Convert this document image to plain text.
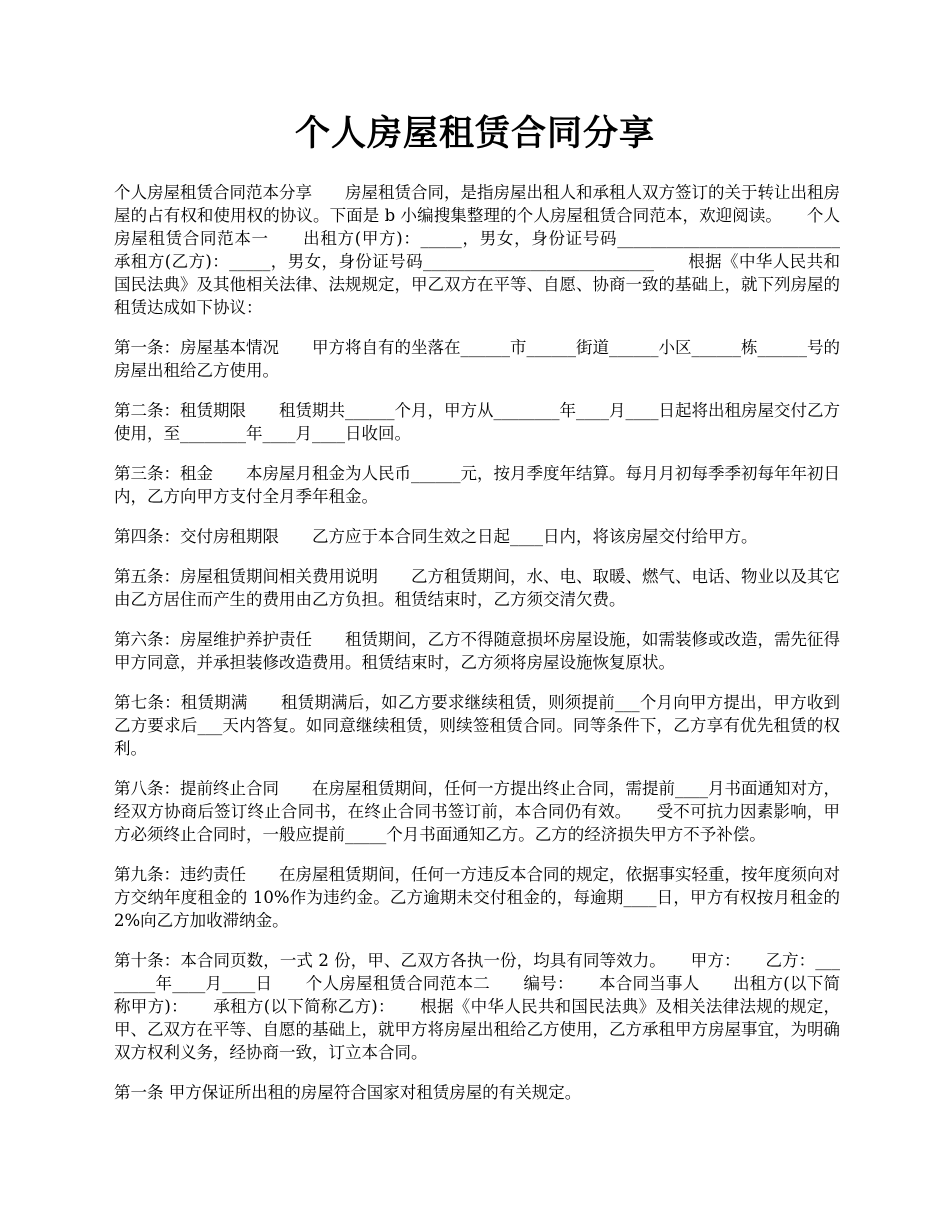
个人房屋租赁合同分享

个人房屋租赁合同范本分享　　房屋租赁合同，是指房屋出租人和承租人双方签订的关于转让出租房屋的占有权和使用权的协议。下面是 b 小编搜集整理的个人房屋租赁合同范本，欢迎阅读。　　个人房屋租赁合同范本一　　出租方(甲方)：_____，男女，身份证号码___________________________　　承租方(乙方)：_____，男女，身份证号码____________________________　　根据《中华人民共和国民法典》及其他相关法律、法规规定，甲乙双方在平等、自愿、协商一致的基础上，就下列房屋的租赁达成如下协议：

第一条：房屋基本情况　　甲方将自有的坐落在______市______街道______小区______栋______号的房屋出租给乙方使用。

第二条：租赁期限　　租赁期共______个月，甲方从________年____月____日起将出租房屋交付乙方使用，至________年____月____日收回。

第三条：租金　　本房屋月租金为人民币______元，按月季度年结算。每月月初每季季初每年年初日内，乙方向甲方支付全月季年租金。

第四条：交付房租期限　　乙方应于本合同生效之日起____日内，将该房屋交付给甲方。

第五条：房屋租赁期间相关费用说明　　乙方租赁期间，水、电、取暖、燃气、电话、物业以及其它由乙方居住而产生的费用由乙方负担。租赁结束时，乙方须交清欠费。

第六条：房屋维护养护责任　　租赁期间，乙方不得随意损坏房屋设施，如需装修或改造，需先征得甲方同意，并承担装修改造费用。租赁结束时，乙方须将房屋设施恢复原状。

第七条：租赁期满　　租赁期满后，如乙方要求继续租赁，则须提前___个月向甲方提出，甲方收到乙方要求后___天内答复。如同意继续租赁，则续签租赁合同。同等条件下，乙方享有优先租赁的权利。

第八条：提前终止合同　　在房屋租赁期间，任何一方提出终止合同，需提前____月书面通知对方，经双方协商后签订终止合同书，在终止合同书签订前，本合同仍有效。　　受不可抗力因素影响，甲方必须终止合同时，一般应提前_____个月书面通知乙方。乙方的经济损失甲方不予补偿。

第九条：违约责任　　在房屋租赁期间，任何一方违反本合同的规定，依据事实轻重，按年度须向对方交纳年度租金的 10%作为违约金。乙方逾期未交付租金的，每逾期____日，甲方有权按月租金的 2%向乙方加收滞纳金。

第十条：本合同页数，一式 2 份，甲、乙双方各执一份，均具有同等效力。　　甲方：　　乙方：________年____月____日　　个人房屋租赁合同范本二　　编号：　　本合同当事人　　出租方(以下简称甲方)：　　承租方(以下简称乙方)：　　根据《中华人民共和国民法典》及相关法律法规的规定，甲、乙双方在平等、自愿的基础上，就甲方将房屋出租给乙方使用，乙方承租甲方房屋事宜，为明确双方权利义务，经协商一致，订立本合同。

第一条 甲方保证所出租的房屋符合国家对租赁房屋的有关规定。
